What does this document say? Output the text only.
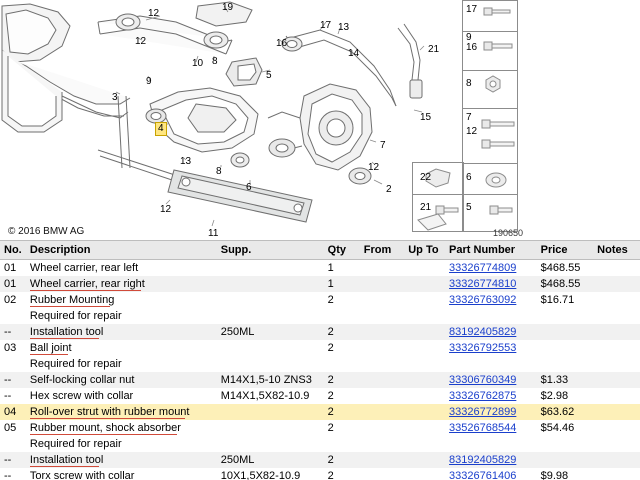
12
19
17 13
16
14	21
12
10 8
5
9
3
15
4
7
13
8	12
6	2
12
11
17
9
16
8
7
12
22	6
21	5
© 2016 BMW AG	190650
No.	Description	Supp.	Qty	From	Up To	Part Number	Price	Notes
01	Wheel carrier, rear left		1			33326774809	$468.55	
01	Wheel carrier, rear right		1			33326774810	$468.55	
02	Rubber Mounting		2			33326763092	$16.71	
	Required for repair							
--	Installation tool	250ML	2			83192405829		
03	Ball joint		2			33326792553		
	Required for repair							
--	Self-locking collar nut	M14X1,5-10 ZNS3	2			33306760349	$1.33	
--	Hex screw with collar	M14X1,5X82-10.9	2			33326762875	$2.98	
04	Roll-over strut with rubber mount		2			33326772899	$63.62	
05	Rubber mount, shock absorber		2			33526768544	$54.46	
	Required for repair							
--	Installation tool	250ML	2			83192405829		
--	Torx screw with collar	10X1,5X82-10.9	2			33326761406	$9.98	
